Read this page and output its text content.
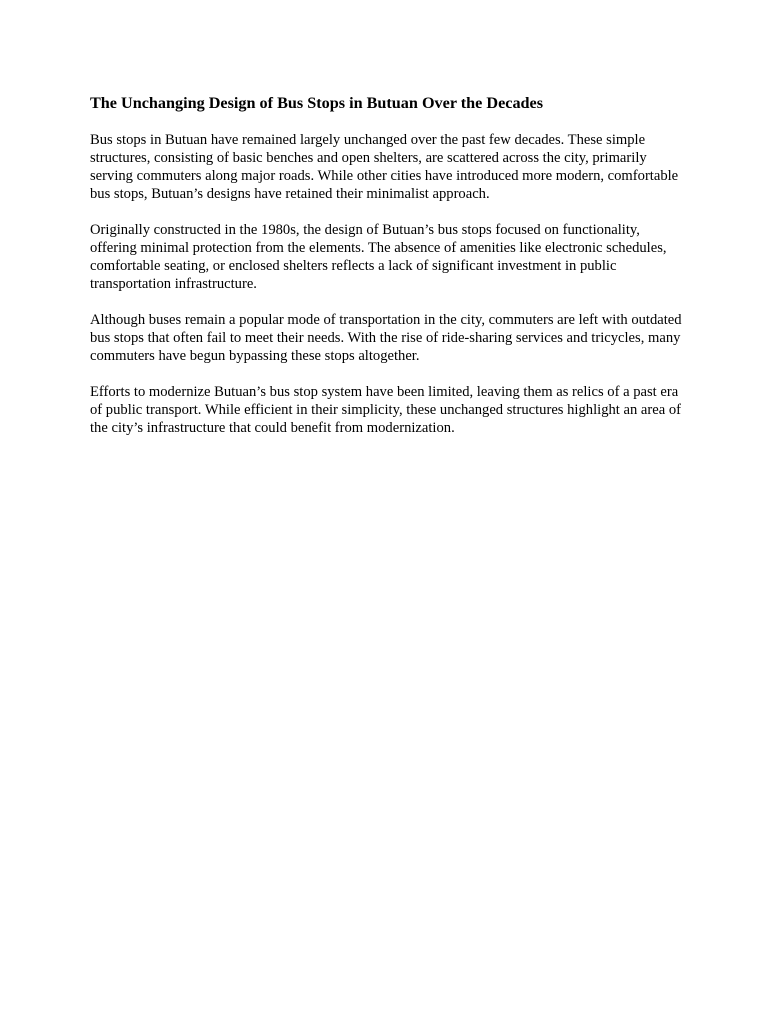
The Unchanging Design of Bus Stops in Butuan Over the Decades

Bus stops in Butuan have remained largely unchanged over the past few decades. These simple structures, consisting of basic benches and open shelters, are scattered across the city, primarily serving commuters along major roads. While other cities have introduced more modern, comfortable bus stops, Butuan’s designs have retained their minimalist approach.

Originally constructed in the 1980s, the design of Butuan’s bus stops focused on functionality, offering minimal protection from the elements. The absence of amenities like electronic schedules, comfortable seating, or enclosed shelters reflects a lack of significant investment in public transportation infrastructure.

Although buses remain a popular mode of transportation in the city, commuters are left with outdated bus stops that often fail to meet their needs. With the rise of ride-sharing services and tricycles, many commuters have begun bypassing these stops altogether.

Efforts to modernize Butuan’s bus stop system have been limited, leaving them as relics of a past era of public transport. While efficient in their simplicity, these unchanged structures highlight an area of the city’s infrastructure that could benefit from modernization.
